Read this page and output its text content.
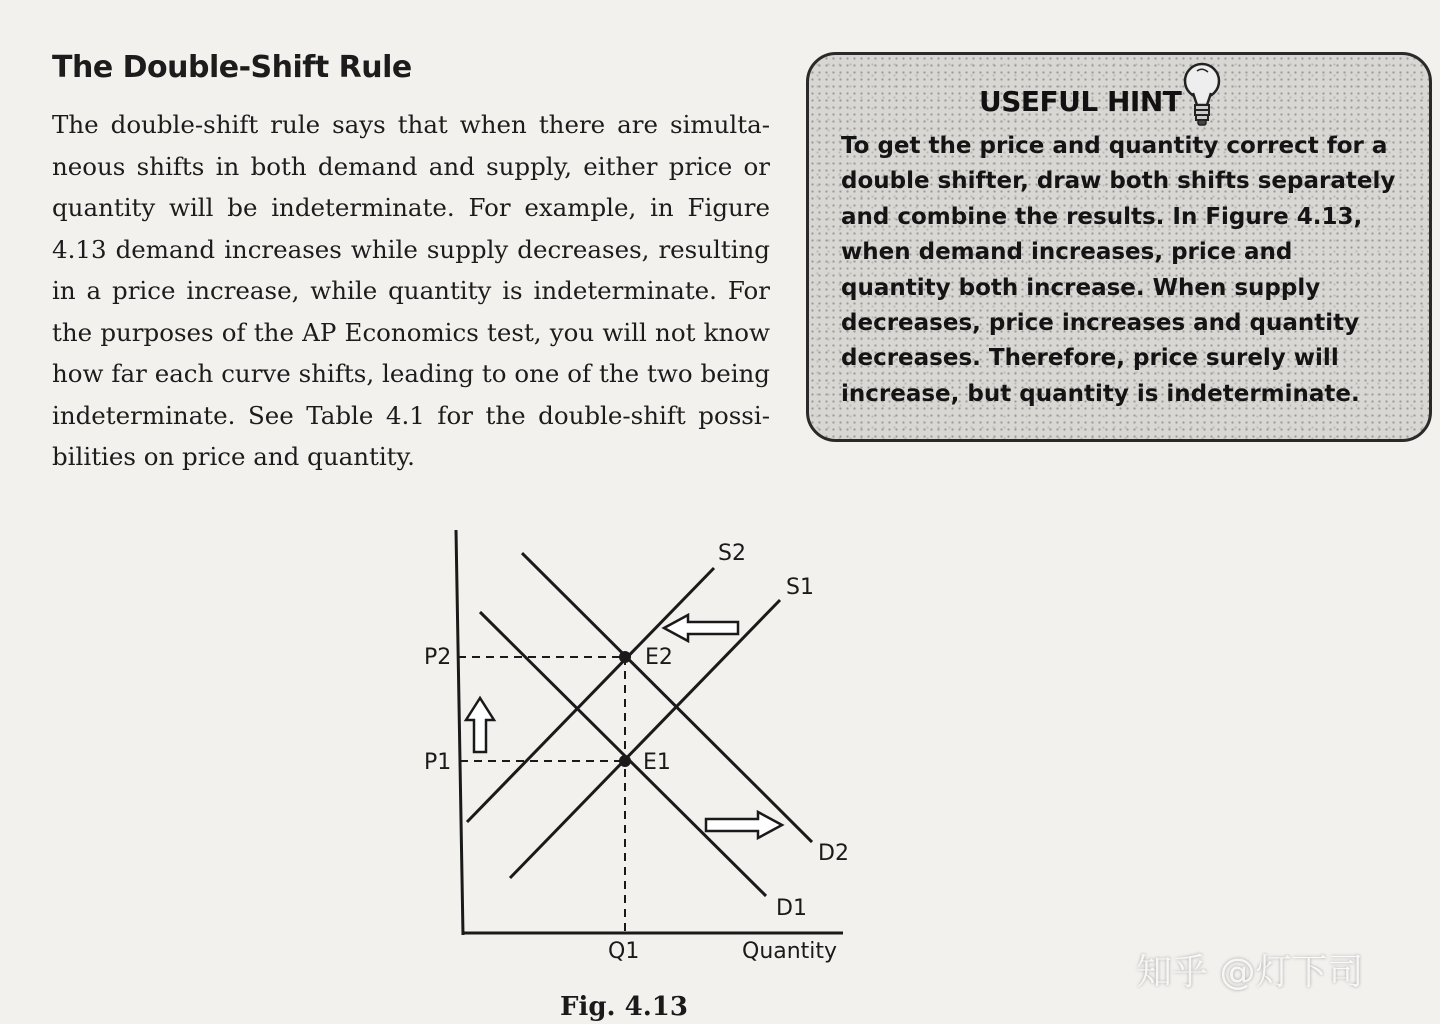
The Double-Shift Rule

The double-shift rule says that when there are simulta-neous shifts in both demand and supply, either price or quantity will be indeterminate. For example, in Figure 4.13 demand increases while supply decreases, resulting in a price increase, while quantity is indeterminate. For the purposes of the AP Economics test, you will not know how far each curve shifts, leading to one of the two being indeterminate. See Table 4.1 for the double-shift possi-bilities on price and quantity.

USEFUL HINT

To get the price and quantity correct for a double shifter, draw both shifts separately and combine the results. In Figure 4.13, when demand increases, price and quantity both increase. When supply decreases, price increases and quantity decreases. Therefore, price surely will increase, but quantity is indeterminate.

S2
S1
D2
D1
E2
E1
P2
P1
Q1	Quantity

Fig. 4.13

知乎 @灯下司
